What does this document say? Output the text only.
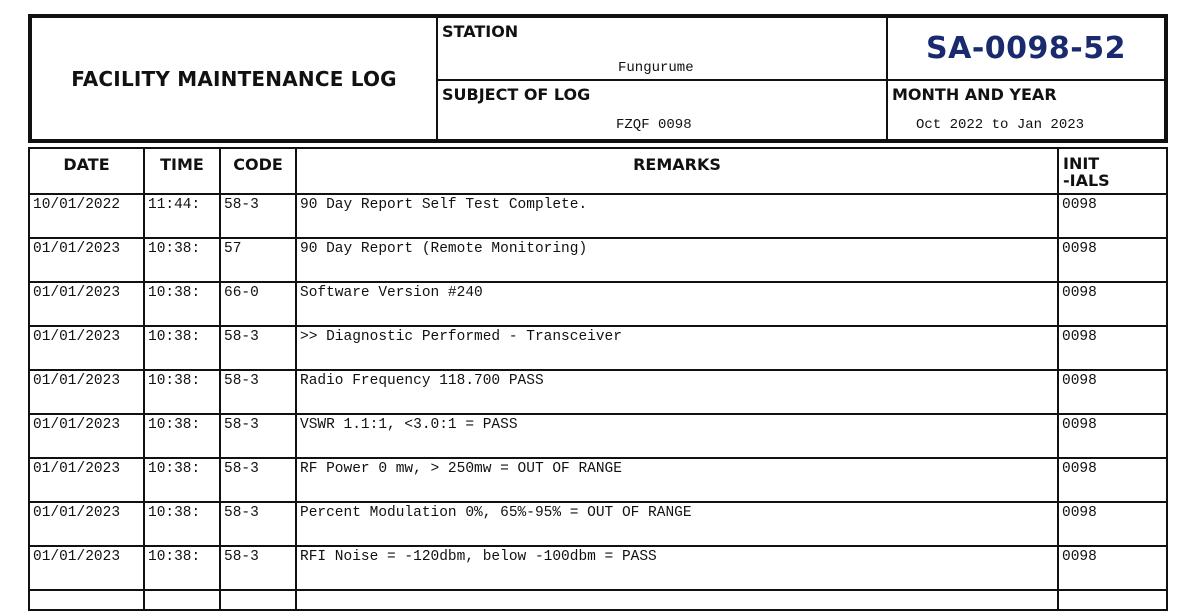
FACILITY MAINTENANCE LOG
STATION
Fungurume
SA-0098-52
SUBJECT OF LOG
FZQF 0098
MONTH AND YEAR
Oct 2022 to Jan 2023
DATE	TIME	CODE	REMARKS	INIT
-IALS
10/01/2022	11:44:	58-3	90 Day Report Self Test Complete.	0098
01/01/2023	10:38:	57	90 Day Report (Remote Monitoring)	0098
01/01/2023	10:38:	66-0	Software Version #240	0098
01/01/2023	10:38:	58-3	>> Diagnostic Performed - Transceiver	0098
01/01/2023	10:38:	58-3	Radio Frequency 118.700 PASS	0098
01/01/2023	10:38:	58-3	VSWR 1.1:1, <3.0:1 = PASS	0098
01/01/2023	10:38:	58-3	RF Power 0 mw, > 250mw = OUT OF RANGE	0098
01/01/2023	10:38:	58-3	Percent Modulation 0%, 65%-95% = OUT OF RANGE	0098
01/01/2023	10:38:	58-3	RFI Noise = -120dbm, below -100dbm = PASS	0098
